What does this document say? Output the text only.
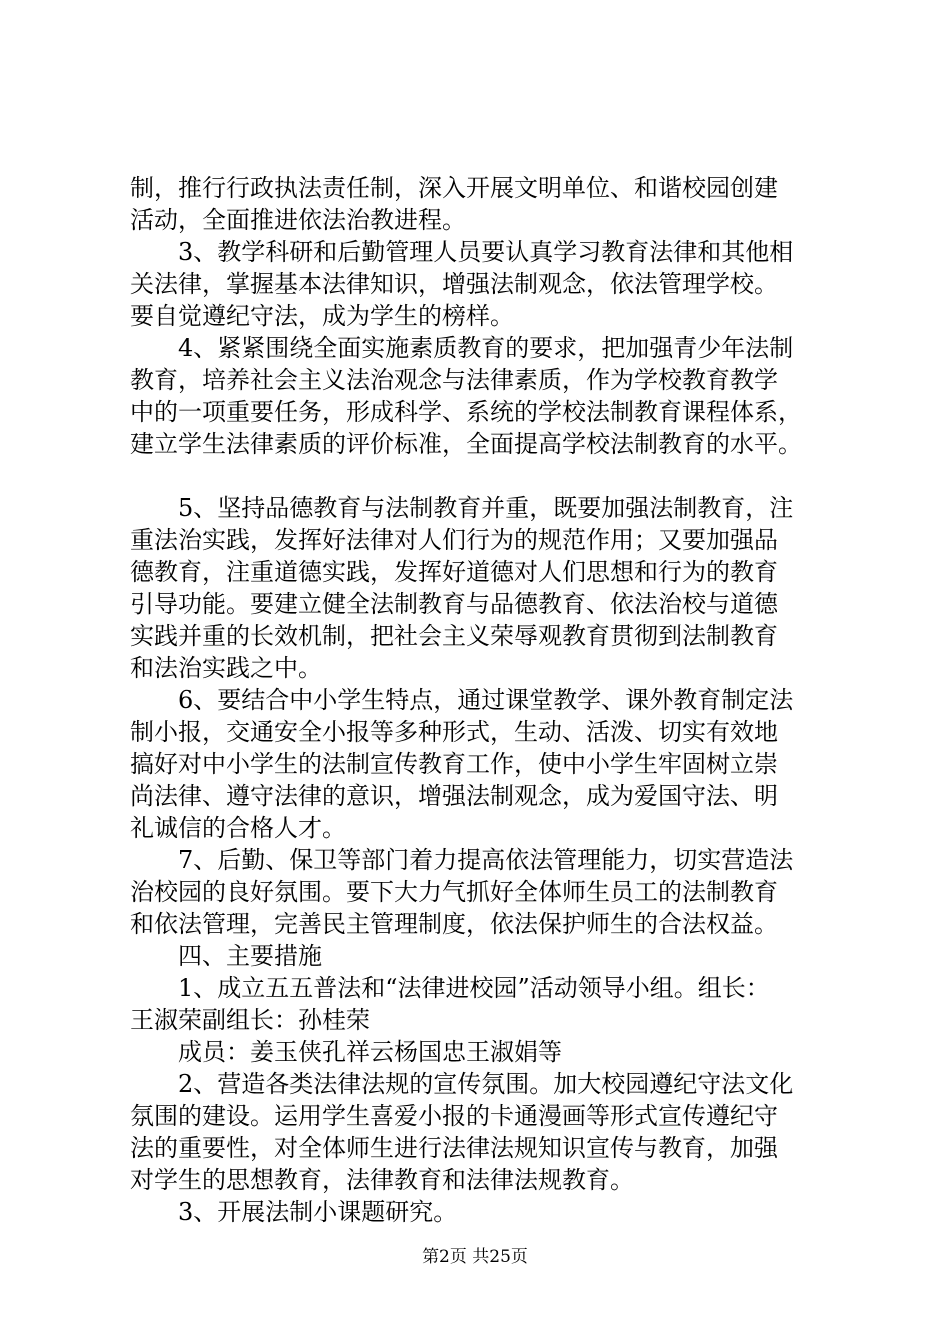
制，推行行政执法责任制，深入开展文明单位、和谐校园创建
活动，全面推进依法治教进程。
3、教学科研和后勤管理人员要认真学习教育法律和其他相
关法律，掌握基本法律知识，增强法制观念，依法管理学校。
要自觉遵纪守法，成为学生的榜样。
4、紧紧围绕全面实施素质教育的要求，把加强青少年法制
教育，培养社会主义法治观念与法律素质，作为学校教育教学
中的一项重要任务，形成科学、系统的学校法制教育课程体系，
建立学生法律素质的评价标准，全面提高学校法制教育的水平。
5、坚持品德教育与法制教育并重，既要加强法制教育，注
重法治实践，发挥好法律对人们行为的规范作用；又要加强品
德教育，注重道德实践，发挥好道德对人们思想和行为的教育
引导功能。要建立健全法制教育与品德教育、依法治校与道德
实践并重的长效机制，把社会主义荣辱观教育贯彻到法制教育
和法治实践之中。
6、要结合中小学生特点，通过课堂教学、课外教育制定法
制小报，交通安全小报等多种形式，生动、活泼、切实有效地
搞好对中小学生的法制宣传教育工作，使中小学生牢固树立崇
尚法律、遵守法律的意识，增强法制观念，成为爱国守法、明
礼诚信的合格人才。
7、后勤、保卫等部门着力提高依法管理能力，切实营造法
治校园的良好氛围。要下大力气抓好全体师生员工的法制教育
和依法管理，完善民主管理制度，依法保护师生的合法权益。
四、主要措施
1、成立五五普法和“法律进校园”活动领导小组。组长：
王淑荣副组长：孙桂荣
成员：姜玉侠孔祥云杨国忠王淑娟等
2、营造各类法律法规的宣传氛围。加大校园遵纪守法文化
氛围的建设。运用学生喜爱小报的卡通漫画等形式宣传遵纪守
法的重要性，对全体师生进行法律法规知识宣传与教育，加强
对学生的思想教育，法律教育和法律法规教育。
3、开展法制小课题研究。
第2页 共25页
